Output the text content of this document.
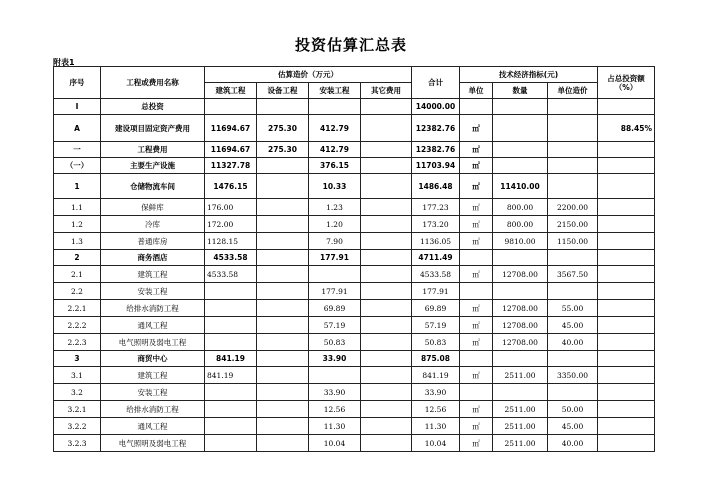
投资估算汇总表
附表1
序号	工程或费用名称	估算造价（万元）				合计	技术经济指标(元)			占总投资额
（%）
		建筑工程	设备工程	安装工程	其它费用		单位	数量	单位造价	
Ⅰ	总投资					14000.00				
A	建设项目固定资产费用	11694.67	275.30	412.79		12382.76	㎡			88.45%
一	工程费用	11694.67	275.30	412.79		12382.76	㎡			
（一）	主要生产设施	11327.78		376.15		11703.94	㎡			
1	仓储物流车间	1476.15		10.33		1486.48	㎡	11410.00		
1.1	保鲜库	176.00		1.23		177.23	㎡	800.00	2200.00	
1.2	冷库	172.00		1.20		173.20	㎡	800.00	2150.00	
1.3	普通库房	1128.15		7.90		1136.05	㎡	9810.00	1150.00	
2	商务酒店	4533.58		177.91		4711.49				
2.1	建筑工程	4533.58				4533.58	㎡	12708.00	3567.50	
2.2	安装工程			177.91		177.91				
2.2.1	给排水消防工程			69.89		69.89	㎡	12708.00	55.00	
2.2.2	通风工程			57.19		57.19	㎡	12708.00	45.00	
2.2.3	电气照明及弱电工程			50.83		50.83	㎡	12708.00	40.00	
3	商贸中心	841.19		33.90		875.08				
3.1	建筑工程	841.19				841.19	㎡	2511.00	3350.00	
3.2	安装工程			33.90		33.90				
3.2.1	给排水消防工程			12.56		12.56	㎡	2511.00	50.00	
3.2.2	通风工程			11.30		11.30	㎡	2511.00	45.00	
3.2.3	电气照明及弱电工程			10.04		10.04	㎡	2511.00	40.00	
